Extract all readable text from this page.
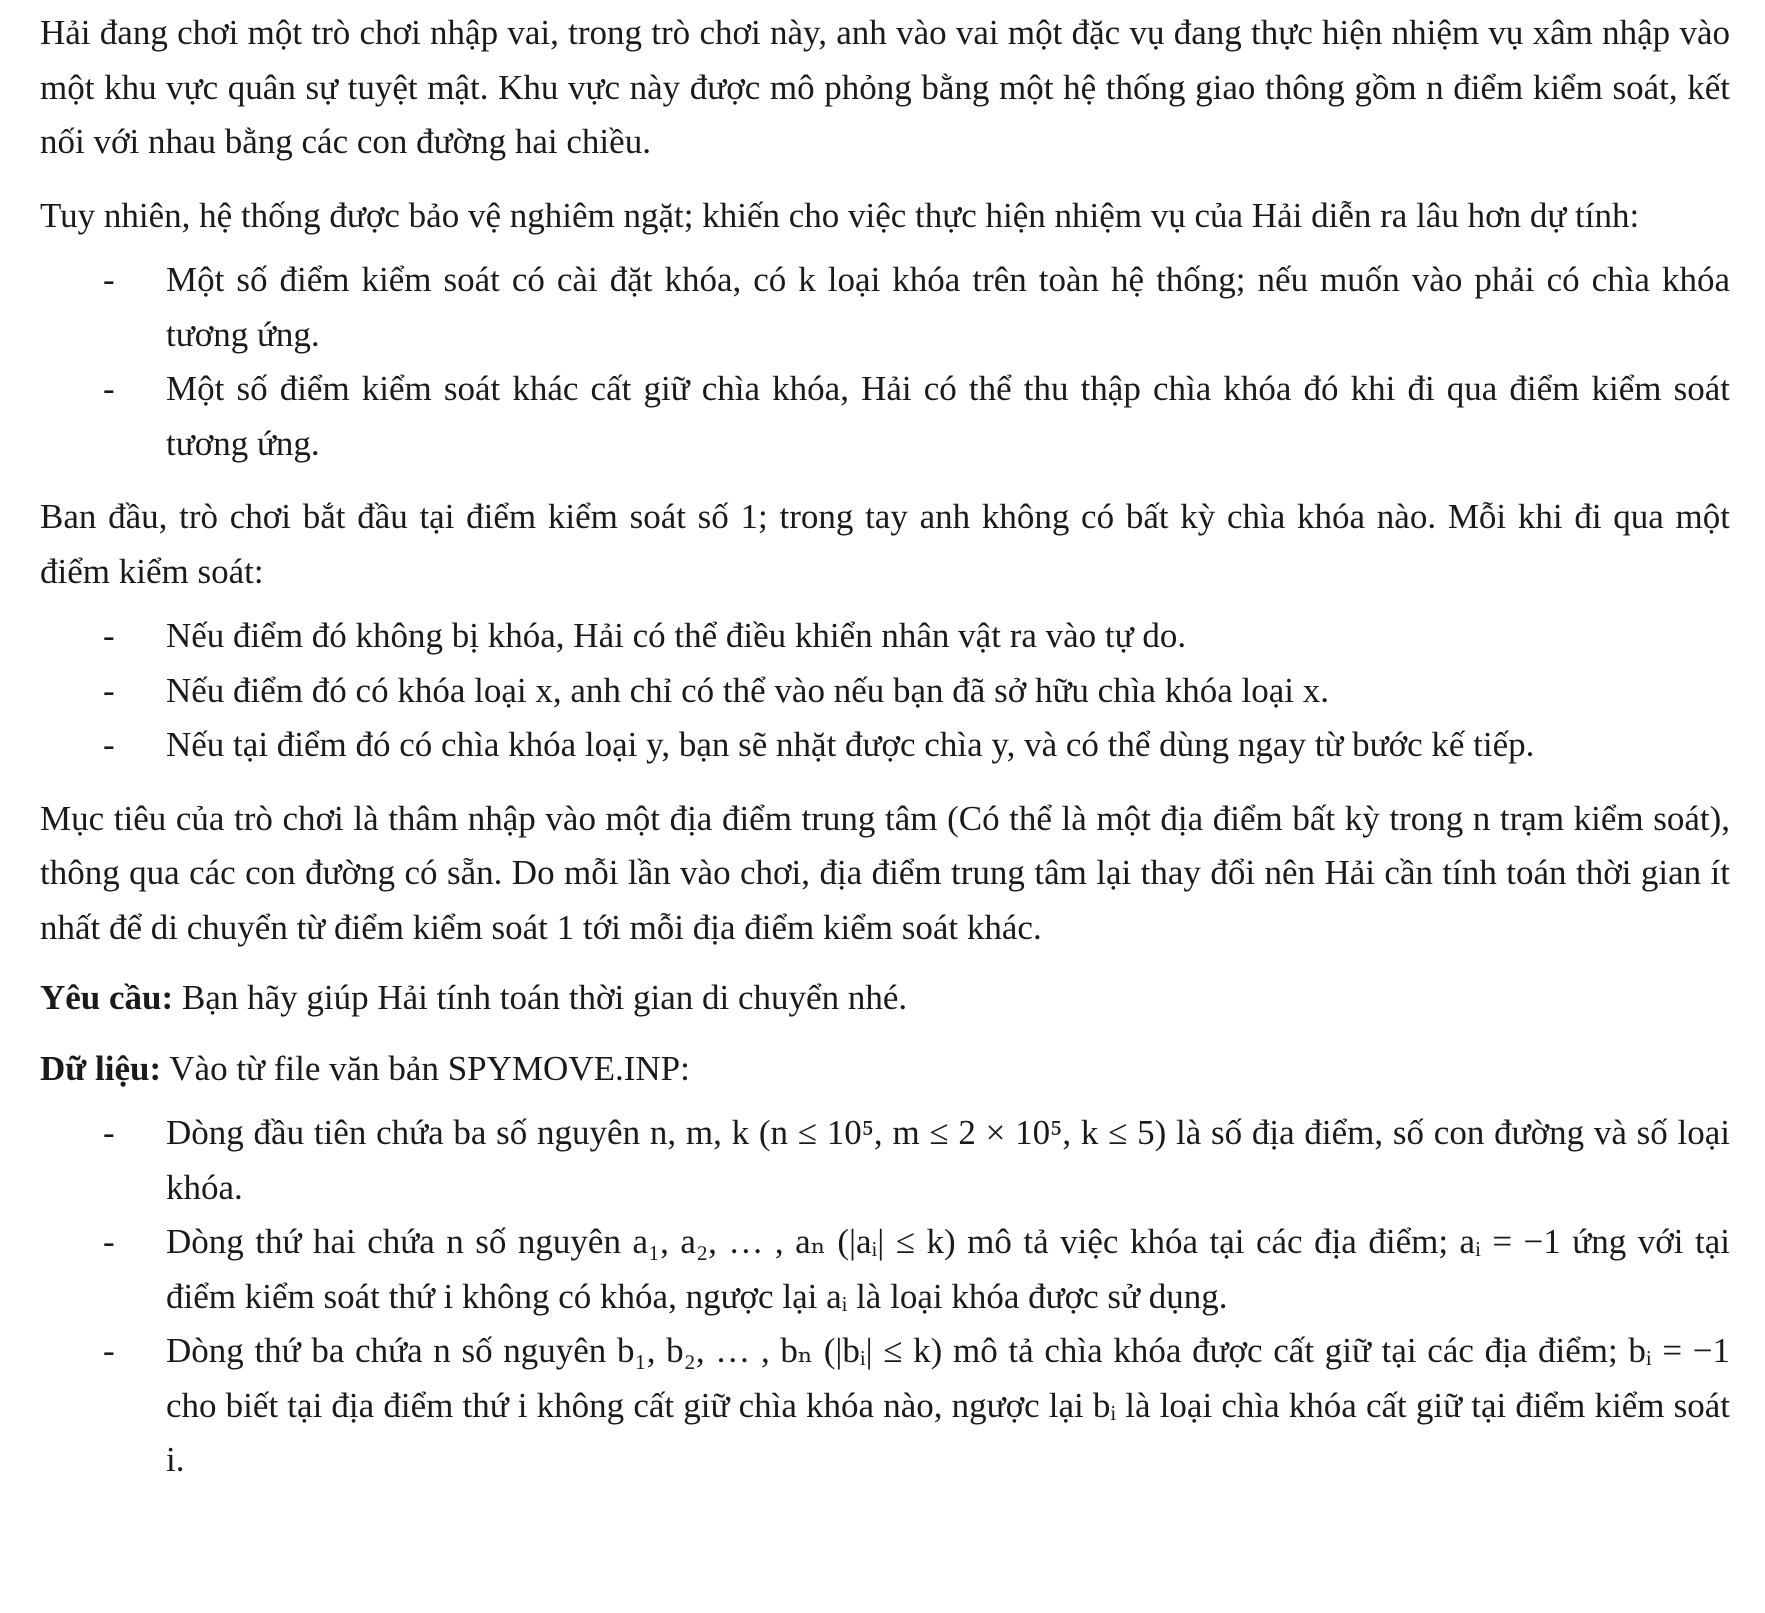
Hải đang chơi một trò chơi nhập vai, trong trò chơi này, anh vào vai một đặc vụ đang thực hiện nhiệm vụ xâm nhập vào một khu vực quân sự tuyệt mật. Khu vực này được mô phỏng bằng một hệ thống giao thông gồm n điểm kiểm soát, kết nối với nhau bằng các con đường hai chiều.

Tuy nhiên, hệ thống được bảo vệ nghiêm ngặt; khiến cho việc thực hiện nhiệm vụ của Hải diễn ra lâu hơn dự tính:

- Một số điểm kiểm soát có cài đặt khóa, có k loại khóa trên toàn hệ thống; nếu muốn vào phải có chìa khóa tương ứng.
- Một số điểm kiểm soát khác cất giữ chìa khóa, Hải có thể thu thập chìa khóa đó khi đi qua điểm kiểm soát tương ứng.

Ban đầu, trò chơi bắt đầu tại điểm kiểm soát số 1; trong tay anh không có bất kỳ chìa khóa nào. Mỗi khi đi qua một điểm kiểm soát:

- Nếu điểm đó không bị khóa, Hải có thể điều khiển nhân vật ra vào tự do.
- Nếu điểm đó có khóa loại x, anh chỉ có thể vào nếu bạn đã sở hữu chìa khóa loại x.
- Nếu tại điểm đó có chìa khóa loại y, bạn sẽ nhặt được chìa y, và có thể dùng ngay từ bước kế tiếp.

Mục tiêu của trò chơi là thâm nhập vào một địa điểm trung tâm (Có thể là một địa điểm bất kỳ trong n trạm kiểm soát), thông qua các con đường có sẵn. Do mỗi lần vào chơi, địa điểm trung tâm lại thay đổi nên Hải cần tính toán thời gian ít nhất để di chuyển từ điểm kiểm soát 1 tới mỗi địa điểm kiểm soát khác.

Yêu cầu: Bạn hãy giúp Hải tính toán thời gian di chuyển nhé.

Dữ liệu: Vào từ file văn bản SPYMOVE.INP:

- Dòng đầu tiên chứa ba số nguyên n, m, k (n ≤ 10⁵, m ≤ 2 × 10⁵, k ≤ 5) là số địa điểm, số con đường và số loại khóa.
- Dòng thứ hai chứa n số nguyên a₁, a₂, … , aₙ (|aᵢ| ≤ k) mô tả việc khóa tại các địa điểm; aᵢ = −1 ứng với tại điểm kiểm soát thứ i không có khóa, ngược lại aᵢ là loại khóa được sử dụng.
- Dòng thứ ba chứa n số nguyên b₁, b₂, … , bₙ (|bᵢ| ≤ k) mô tả chìa khóa được cất giữ tại các địa điểm; bᵢ = −1 cho biết tại địa điểm thứ i không cất giữ chìa khóa nào, ngược lại bᵢ là loại chìa khóa cất giữ tại điểm kiểm soát i.
